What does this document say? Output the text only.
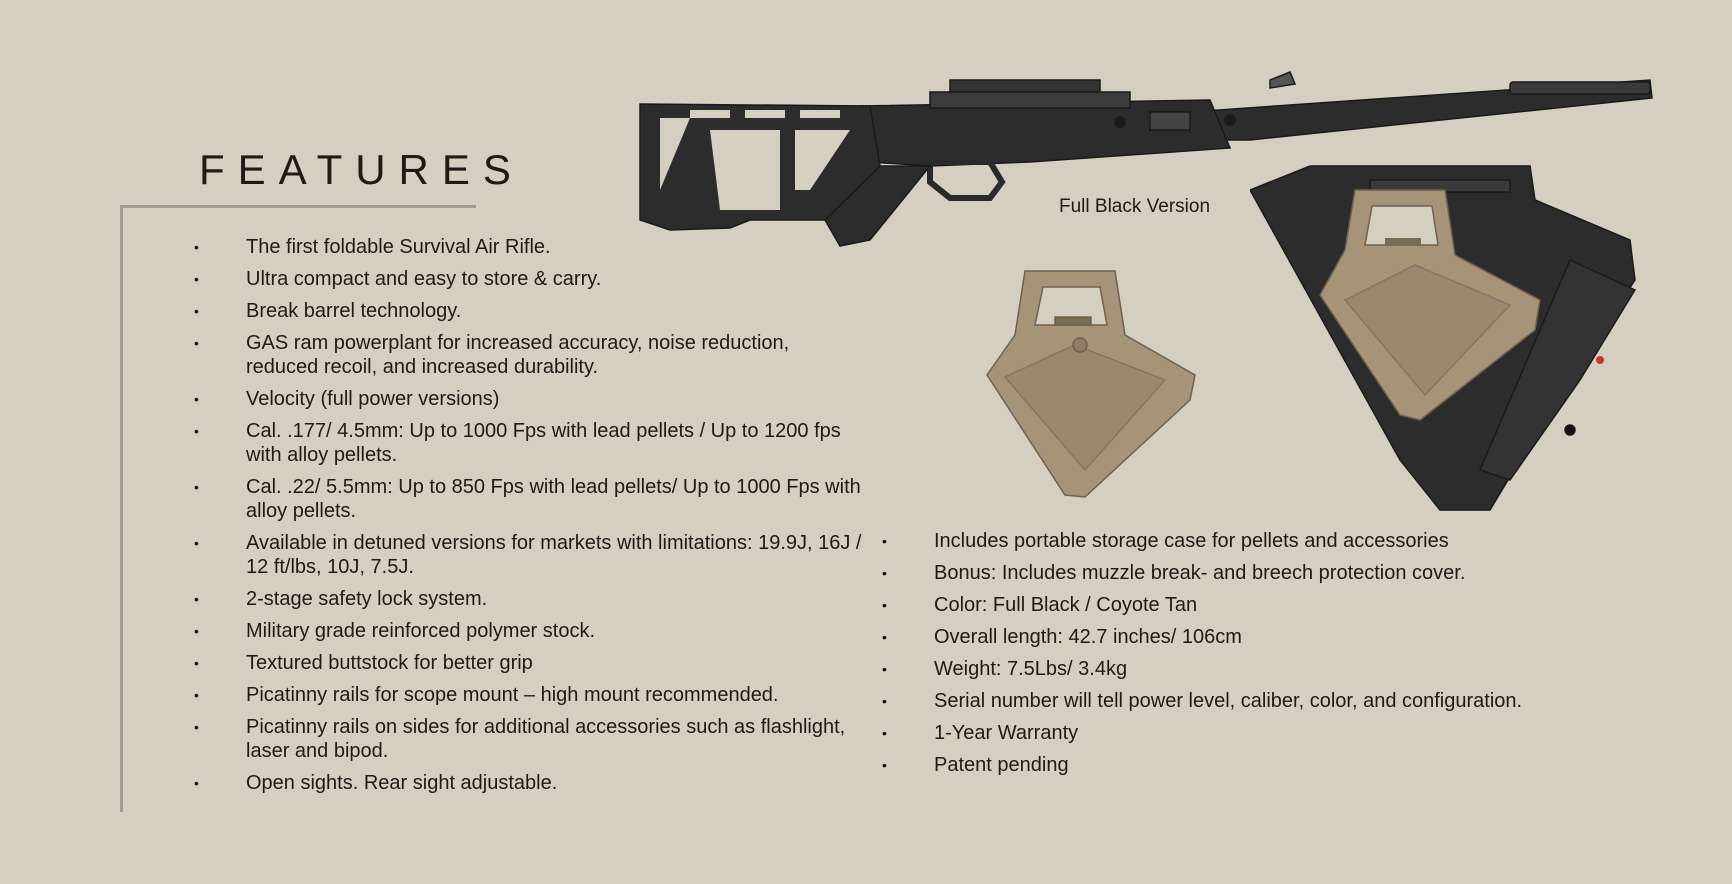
Full Black Version
FEATURES
• The first foldable Survival Air Rifle.
• Ultra compact and easy to store & carry.
• Break barrel technology.
• GAS ram powerplant for increased accuracy, noise reduction, reduced recoil, and increased durability.
• Velocity (full power versions)
• Cal. .177/ 4.5mm: Up to 1000 Fps with lead pellets / Up to 1200 fps with alloy pellets.
• Cal. .22/ 5.5mm: Up to 850 Fps with lead pellets/ Up to 1000 Fps with alloy pellets.
• Available in detuned versions for markets with limitations: 19.9J, 16J / 12 ft/lbs, 10J, 7.5J.
• 2-stage safety lock system.
• Military grade reinforced polymer stock.
• Textured buttstock for better grip
• Picatinny rails for scope mount – high mount recommended.
• Picatinny rails on sides for additional accessories such as flashlight, laser and bipod.
• Open sights. Rear sight adjustable.
• Includes portable storage case for pellets and accessories
• Bonus: Includes muzzle break- and breech protection cover.
• Color: Full Black / Coyote Tan
• Overall length: 42.7 inches/ 106cm
• Weight: 7.5Lbs/ 3.4kg
• Serial number will tell power level, caliber, color, and configuration.
• 1-Year Warranty
• Patent pending
